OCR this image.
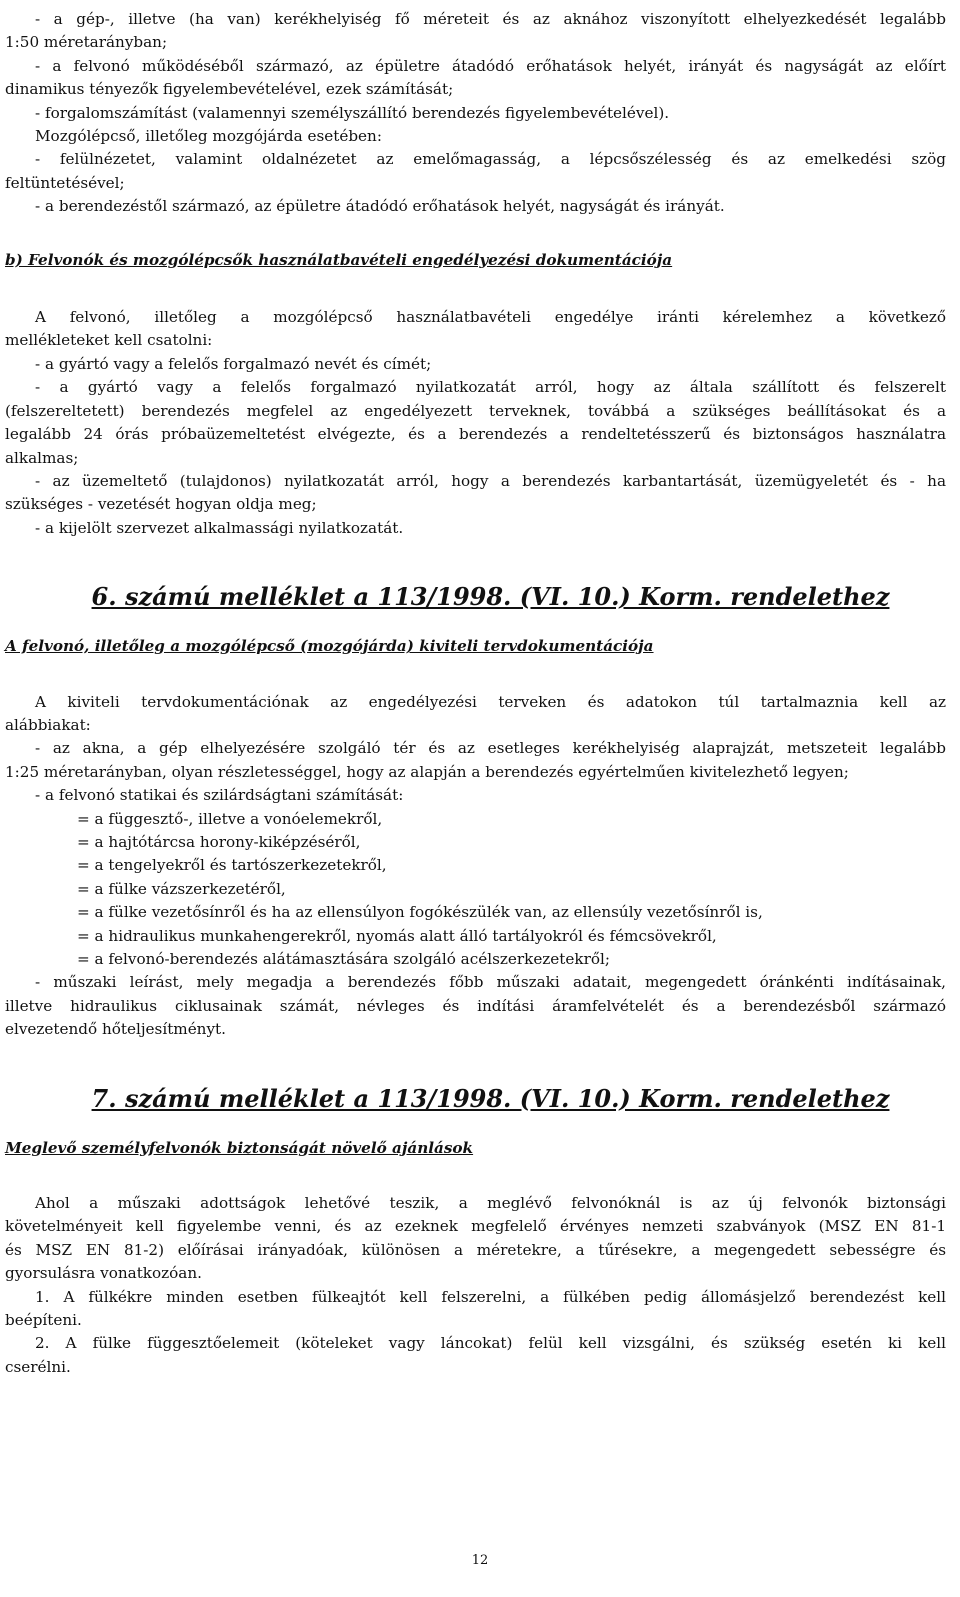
- a gép-, illetve (ha van) kerékhelyiség fő méreteit és az aknához viszonyított elhelyezkedését legalább

1:50 méretarányban;

- a felvonó működéséből származó, az épületre átadódó erőhatások helyét, irányát és nagyságát az előírt

dinamikus tényezők figyelembevételével, ezek számítását;

- forgalomszámítást (valamennyi személyszállító berendezés figyelembevételével).

Mozgólépcső, illetőleg mozgójárda esetében:

- felülnézetet, valamint oldalnézetet az emelőmagasság, a lépcsőszélesség és az emelkedési szög

feltüntetésével;

- a berendezéstől származó, az épületre átadódó erőhatások helyét, nagyságát és irányát.

b) Felvonók és mozgólépcsők használatbavételi engedélyezési dokumentációja

A felvonó, illetőleg a mozgólépcső használatbavételi engedélye iránti kérelemhez a következő

mellékleteket kell csatolni:

- a gyártó vagy a felelős forgalmazó nevét és címét;

- a gyártó vagy a felelős forgalmazó nyilatkozatát arról, hogy az általa szállított és felszerelt

(felszereltetett) berendezés megfelel az engedélyezett terveknek, továbbá a szükséges beállításokat és a

legalább 24 órás próbaüzemeltetést elvégezte, és a berendezés a rendeltetésszerű és biztonságos használatra

alkalmas;

- az üzemeltető (tulajdonos) nyilatkozatát arról, hogy a berendezés karbantartását, üzemügyeletét és - ha

szükséges - vezetését hogyan oldja meg;

- a kijelölt szervezet alkalmassági nyilatkozatát.

6. számú melléklet a 113/1998. (VI. 10.) Korm. rendelethez

A felvonó, illetőleg a mozgólépcső (mozgójárda) kiviteli tervdokumentációja

A kiviteli tervdokumentációnak az engedélyezési terveken és adatokon túl tartalmaznia kell az

alábbiakat:

- az akna, a gép elhelyezésére szolgáló tér és az esetleges kerékhelyiség alaprajzát, metszeteit legalább

1:25 méretarányban, olyan részletességgel, hogy az alapján a berendezés egyértelműen kivitelezhető legyen;

- a felvonó statikai és szilárdságtani számítását:

= a függesztő-, illetve a vonóelemekről,

= a hajtótárcsa horony-kiképzéséről,

= a tengelyekről és tartószerkezetekről,

= a fülke vázszerkezetéről,

= a fülke vezetősínről és ha az ellensúlyon fogókészülék van, az ellensúly vezetősínről is,

= a hidraulikus munkahengerekről, nyomás alatt álló tartályokról és fémcsövekről,

= a felvonó-berendezés alátámasztására szolgáló acélszerkezetekről;

- műszaki leírást, mely megadja a berendezés főbb műszaki adatait, megengedett óránkénti indításainak,

illetve hidraulikus ciklusainak számát, névleges és indítási áramfelvételét és a berendezésből származó

elvezetendő hőteljesítményt.

7. számú melléklet a 113/1998. (VI. 10.) Korm. rendelethez

Meglevő személyfelvonók biztonságát növelő ajánlások

Ahol a műszaki adottságok lehetővé teszik, a meglévő felvonóknál is az új felvonók biztonsági

követelményeit kell figyelembe venni, és az ezeknek megfelelő érvényes nemzeti szabványok (MSZ EN 81-1

és MSZ EN 81-2) előírásai irányadóak, különösen a méretekre, a tűrésekre, a megengedett sebességre és

gyorsulásra vonatkozóan.

1. A fülkékre minden esetben fülkeajtót kell felszerelni, a fülkében pedig állomásjelző berendezést kell

beépíteni.

2. A fülke függesztőelemeit (köteleket vagy láncokat) felül kell vizsgálni, és szükség esetén ki kell

cserélni.

12
